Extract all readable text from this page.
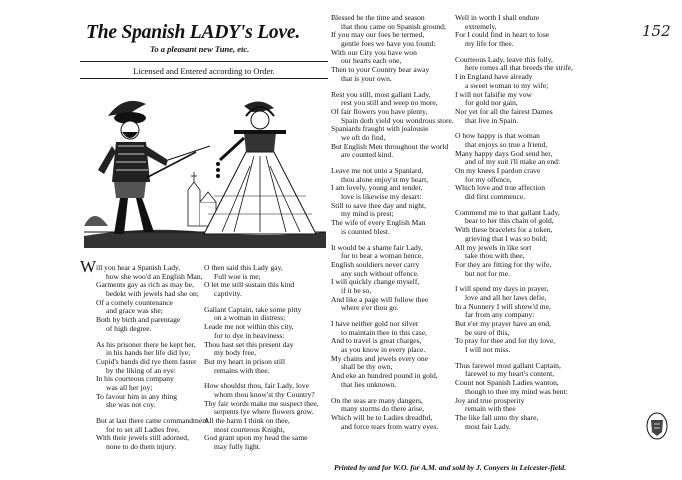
152
The Spanish LADY's Love.
To a pleasant new Tune, etc.
Licensed and Entered according to Order.
W ill you hear a Spanish Lady,
how she woo'd an English Man,
Garments gay as rich as may be,
bedekt with jewels had she on;
Of a comely countenance
and grace was she;
Both by birth and parentage
of high degree.
As his prisoner there he kept her,
in his hands her life did lye;
Cupid's bands did tye them faster
by the liking of an eye:
In his courteous company
was all her joy;
To favour him in any thing
she was not coy.
But at last there came commandment
for to set all Ladies free,
With their jewels still adorned,
none to do them injury.
O then said this Lady gay,
Full woe is me;
O let me still sustain this kind
captivity.
Gallant Captain, take some pitty
on a woman in distress;
Leade me not within this city,
for to dye in heaviness:
Thou hast set this present day
my body free,
But my heart in prison still
remains with thee.
How shouldst thou, fair Lady, love
whom thou know'st thy Country?
Thy fair words make me suspect thee,
serpents lye where flowers grow.
All the harm I think on thee,
most courteous Knight,
God grant upon my head the same
may fully light.
Blessed be the time and season
that thou came on Spanish ground;
If you may our foes be termed,
gentle foes we have you found:
With our City you have won
our hearts each one,
Then to your Country bear away
that is your own.
Rest you still, most gallant Lady,
rest you still and weep no more,
Of fair flowers you have plenty,
Spain doth yield you wondrous store.
Spaniards fraught with jealousie
we oft do find,
But English Men throughout the world
are counted kind.
Leave me not unto a Spaniard,
thou alone enjoy'st my heart,
I am lovely, young and tender,
love is likewise my desart:
Still to save thee day and night,
my mind is prest;
The wife of every English Man
is counted blest.
It would be a shame fair Lady,
for to bear a woman hence,
English souldiers never carry
any such without offence.
I will quickly change myself,
if it be so,
And like a page will follow thee
where e'er thou go.
I have neither gold nor silver
to maintain thee in this case,
And to travel is great charges,
as you know in every place.
My chains and jewels every one
shall be thy own,
And eke an hundred pound in gold,
that lies unknown.
On the seas are many dangers,
many storms do there arise,
Which will be to Ladies dreadful,
and force tears from watry eyes.
Well in worth I shall endure
extremely,
For I could find in heart to lose
my life for thee.
Courteous Lady, leave this folly,
here romes all that breeds the strife,
I in England have already
a sweet woman to my wife;
I will not falsifie my vow
for gold nor gain,
Nor yet for all the fairest Dames
that live in Spain.
O how happy is that woman
that enjoys so true a friend,
Many happy days God send her,
and of my suit i'll make an end:
On my knees I pardon crave
for my offence,
Which love and true affection
did first commence.
Commend me to that gallant Lady,
bear to her this chain of gold,
With these bracelets for a token,
grieving that I was so bold;
All my jewels in like sort
take thou with thee,
For they are fitting for thy wife,
but not for me.
I will spend my days in prayer,
love and all her laws defie,
In a Nunnery I will shrew'd me,
far from any company:
But e'er my prayer have an end,
be sure of this,
To pray for thee and for thy love,
I will not miss.
Thus farewel most gallant Captain,
farewel to my heart's content,
Count not Spanish Ladies wanton,
though to thee my mind was bent:
Joy and true prosperity
remain with thee
The like fall unto thy share,
most fair Lady.
Printed by and for W.O. for A.M. and sold by J. Conyers in Leicester-field.
